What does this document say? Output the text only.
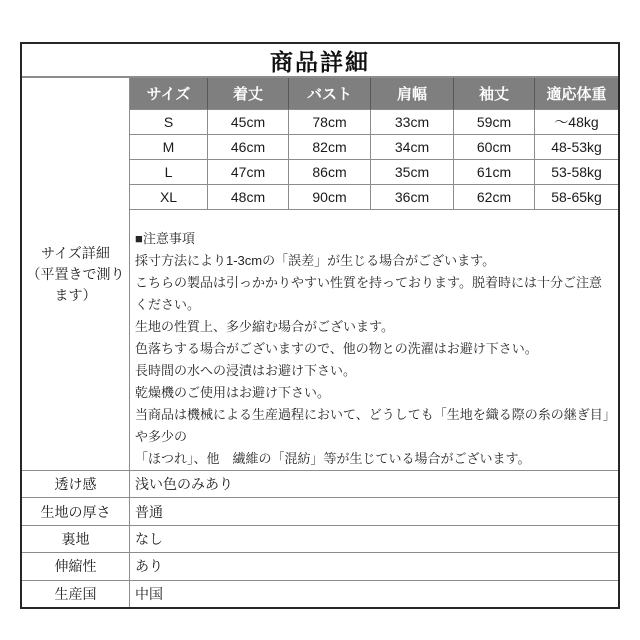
商品詳細
サイズ詳細
（平置きで測ります）
サイズ	着丈	バスト	肩幅	袖丈	適応体重
S	45cm	78cm	33cm	59cm	～48kg
M	46cm	82cm	34cm	60cm	48-53kg
L	47cm	86cm	35cm	61cm	53-58kg
XL	48cm	90cm	36cm	62cm	58-65kg
■注意事項
採寸方法により1-3cmの「誤差」が生じる場合がございます。
こちらの製品は引っかかりやすい性質を持っております。脱着時には十分ご注意ください。
生地の性質上、多少縮む場合がございます。
色落ちする場合がございますので、他の物との洗濯はお避け下さい。
長時間の水への浸漬はお避け下さい。
乾燥機のご使用はお避け下さい。
当商品は機械による生産過程において、どうしても「生地を織る際の糸の継ぎ目」や多少の
「ほつれ」、他　繊維の「混紡」等が生じている場合がございます。
透け感	浅い色のみあり
生地の厚さ	普通
裏地	なし
伸縮性	あり
生産国	中国
